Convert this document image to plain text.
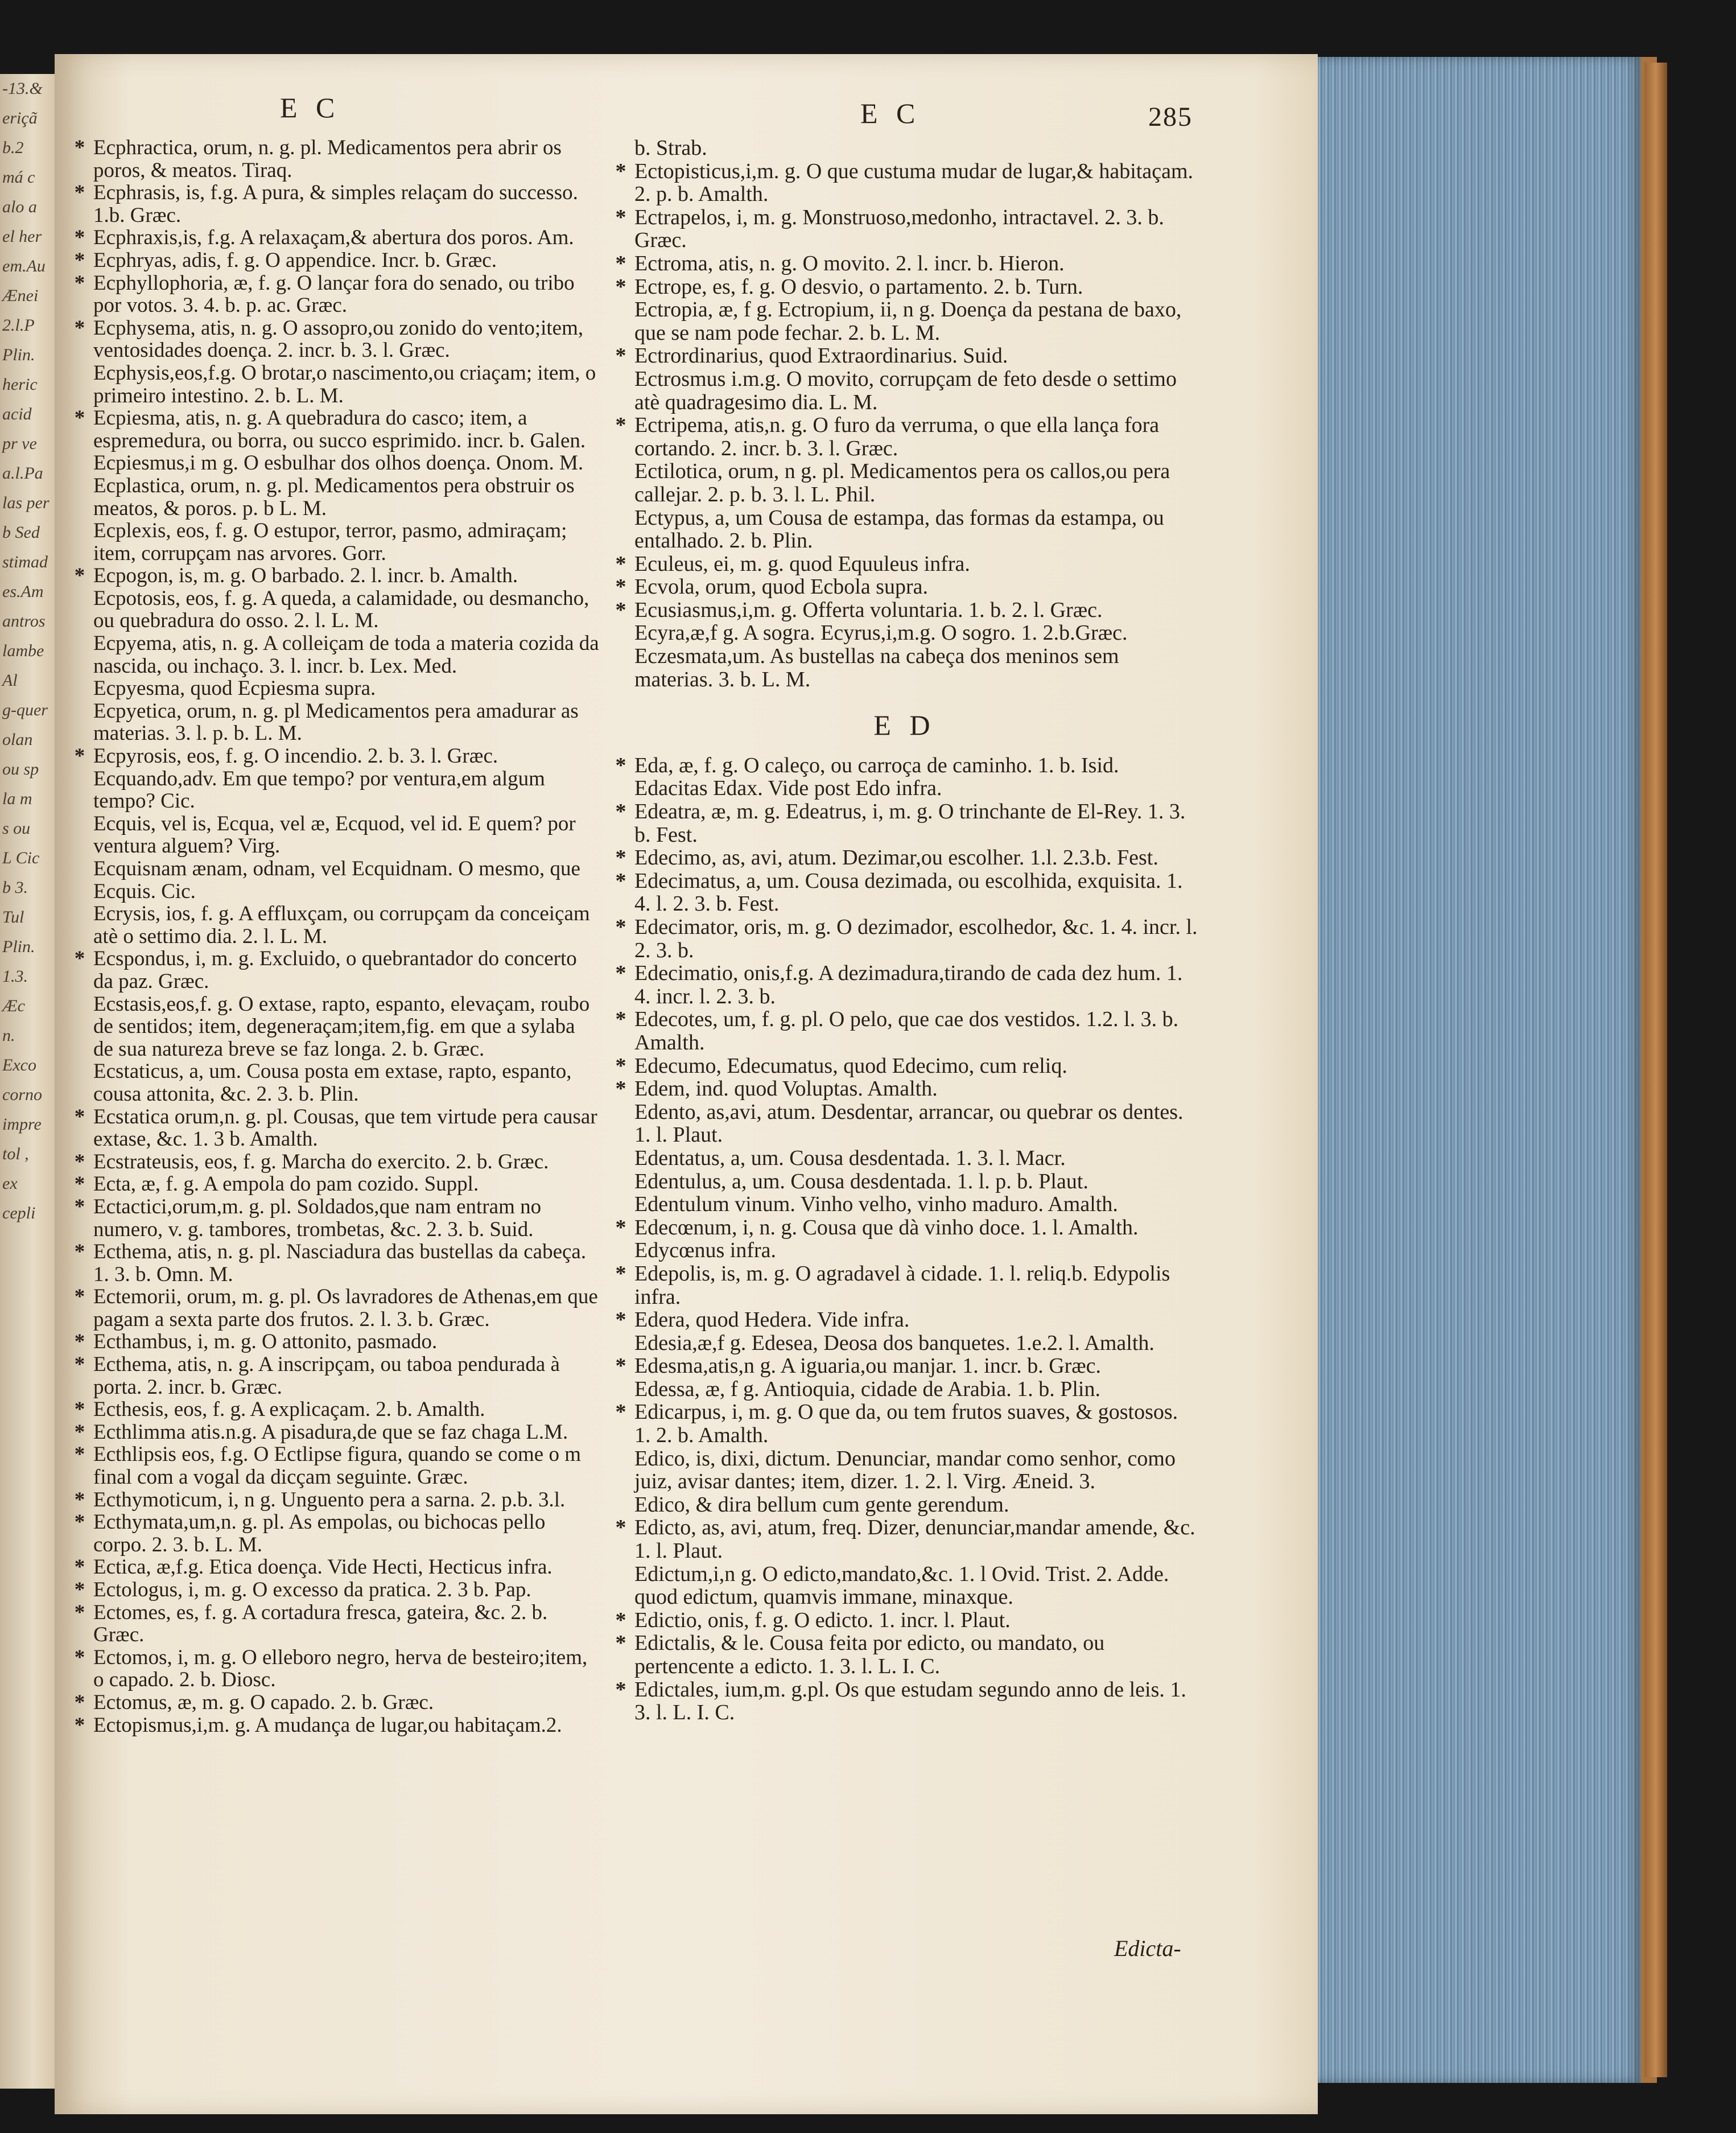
-13.&
eriçã
b.2
má c
alo a
el her
em.Au
Ænei
2.l.P
Plin.
heric
acid
pr ve
a.l.Pa
las per
b Sed
stimad
es.Am
antros
lambe
Al
g-quer
olan
ou sp
la m
s ou
L Cic
b 3.
Tul
Plin.
1.3.
Æc
n.
Exco
corno
impre
tol ,
ex
cepli
E C	E C	285
* Ecphractica, orum, n. g. pl. Medicamentos pera abrir os poros, & meatos. Tiraq.
* Ecphrasis, is, f.g. A pura, & simples relaçam do successo. 1.b. Græc.
* Ecphraxis,is, f.g. A relaxaçam,& abertura dos poros. Am.
* Ecphryas, adis, f. g. O appendice. Incr. b. Græc.
* Ecphyllophoria, æ, f. g. O lançar fora do senado, ou tribo por votos. 3. 4. b. p. ac. Græc.
* Ecphysema, atis, n. g. O assopro,ou zonido do vento;item, ventosidades doença. 2. incr. b. 3. l. Græc.
Ecphysis,eos,f.g. O brotar,o nascimento,ou criaçam; item, o primeiro intestino. 2. b. L. M.
* Ecpiesma, atis, n. g. A quebradura do casco; item, a espremedura, ou borra, ou succo esprimido. incr. b. Galen.
Ecpiesmus,i m g. O esbulhar dos olhos doença. Onom. M.
Ecplastica, orum, n. g. pl. Medicamentos pera obstruir os meatos, & poros. p. b L. M.
Ecplexis, eos, f. g. O estupor, terror, pasmo, admiraçam; item, corrupçam nas arvores. Gorr.
* Ecpogon, is, m. g. O barbado. 2. l. incr. b. Amalth.
Ecpotosis, eos, f. g. A queda, a calamidade, ou desmancho, ou quebradura do osso. 2. l. L. M.
Ecpyema, atis, n. g. A colleiçam de toda a materia cozida da nascida, ou inchaço. 3. l. incr. b. Lex. Med.
Ecpyesma, quod Ecpiesma supra.
Ecpyetica, orum, n. g. pl Medicamentos pera amadurar as materias. 3. l. p. b. L. M.
* Ecpyrosis, eos, f. g. O incendio. 2. b. 3. l. Græc.
Ecquando,adv. Em que tempo? por ventura,em algum tempo? Cic.
Ecquis, vel is, Ecqua, vel æ, Ecquod, vel id. E quem? por ventura alguem? Virg.
Ecquisnam ænam, odnam, vel Ecquidnam. O mesmo, que Ecquis. Cic.
Ecrysis, ios, f. g. A effluxçam, ou corrupçam da conceiçam atè o settimo dia. 2. l. L. M.
* Ecspondus, i, m. g. Excluido, o quebrantador do concerto da paz. Græc.
Ecstasis,eos,f. g. O extase, rapto, espanto, elevaçam, roubo de sentidos; item, degeneraçam;item,fig. em que a sylaba de sua natureza breve se faz longa. 2. b. Græc.
Ecstaticus, a, um. Cousa posta em extase, rapto, espanto, cousa attonita, &c. 2. 3. b. Plin.
* Ecstatica orum,n. g. pl. Cousas, que tem virtude pera causar extase, &c. 1. 3 b. Amalth.
* Ecstrateusis, eos, f. g. Marcha do exercito. 2. b. Græc.
* Ecta, æ, f. g. A empola do pam cozido. Suppl.
* Ectactici,orum,m. g. pl. Soldados,que nam entram no numero, v. g. tambores, trombetas, &c. 2. 3. b. Suid.
* Ecthema, atis, n. g. pl. Nasciadura das bustellas da cabeça. 1. 3. b. Omn. M.
* Ectemorii, orum, m. g. pl. Os lavradores de Athenas,em que pagam a sexta parte dos frutos. 2. l. 3. b. Græc.
* Ecthambus, i, m. g. O attonito, pasmado.
* Ecthema, atis, n. g. A inscripçam, ou taboa pendurada à porta. 2. incr. b. Græc.
* Ecthesis, eos, f. g. A explicaçam. 2. b. Amalth.
* Ecthlimma atis.n.g. A pisadura,de que se faz chaga L.M.
* Ecthlipsis eos, f.g. O Ectlipse figura, quando se come o m final com a vogal da dicçam seguinte. Græc.
* Ecthymoticum, i, n g. Unguento pera a sarna. 2. p.b. 3.l.
* Ecthymata,um,n. g. pl. As empolas, ou bichocas pello corpo. 2. 3. b. L. M.
* Ectica, æ,f.g. Etica doença. Vide Hecti, Hecticus infra.
* Ectologus, i, m. g. O excesso da pratica. 2. 3 b. Pap.
* Ectomes, es, f. g. A cortadura fresca, gateira, &c. 2. b. Græc.
* Ectomos, i, m. g. O elleboro negro, herva de besteiro;item, o capado. 2. b. Diosc.
* Ectomus, æ, m. g. O capado. 2. b. Græc.
* Ectopismus,i,m. g. A mudança de lugar,ou habitaçam.2.
b. Strab.
* Ectopisticus,i,m. g. O que custuma mudar de lugar,& habitaçam. 2. p. b. Amalth.
* Ectrapelos, i, m. g. Monstruoso,medonho, intractavel. 2. 3. b. Græc.
* Ectroma, atis, n. g. O movito. 2. l. incr. b. Hieron.
* Ectrope, es, f. g. O desvio, o partamento. 2. b. Turn.
Ectropia, æ, f g. Ectropium, ii, n g. Doença da pestana de baxo, que se nam pode fechar. 2. b. L. M.
* Ectrordinarius, quod Extraordinarius. Suid.
Ectrosmus i.m.g. O movito, corrupçam de feto desde o settimo atè quadragesimo dia. L. M.
* Ectripema, atis,n. g. O furo da verruma, o que ella lança fora cortando. 2. incr. b. 3. l. Græc.
Ectilotica, orum, n g. pl. Medicamentos pera os callos,ou pera callejar. 2. p. b. 3. l. L. Phil.
Ectypus, a, um Cousa de estampa, das formas da estampa, ou entalhado. 2. b. Plin.
* Eculeus, ei, m. g. quod Equuleus infra.
* Ecvola, orum, quod Ecbola supra.
* Ecusiasmus,i,m. g. Offerta voluntaria. 1. b. 2. l. Græc.
Ecyra,æ,f g. A sogra. Ecyrus,i,m.g. O sogro. 1. 2.b.Græc.
Eczesmata,um. As bustellas na cabeça dos meninos sem materias. 3. b. L. M.
E D
* Eda, æ, f. g. O caleço, ou carroça de caminho. 1. b. Isid.
Edacitas Edax. Vide post Edo infra.
* Edeatra, æ, m. g. Edeatrus, i, m. g. O trinchante de El-Rey. 1. 3. b. Fest.
* Edecimo, as, avi, atum. Dezimar,ou escolher. 1.l. 2.3.b. Fest.
* Edecimatus, a, um. Cousa dezimada, ou escolhida, exquisita. 1. 4. l. 2. 3. b. Fest.
* Edecimator, oris, m. g. O dezimador, escolhedor, &c. 1. 4. incr. l. 2. 3. b.
* Edecimatio, onis,f.g. A dezimadura,tirando de cada dez hum. 1. 4. incr. l. 2. 3. b.
* Edecotes, um, f. g. pl. O pelo, que cae dos vestidos. 1.2. l. 3. b. Amalth.
* Edecumo, Edecumatus, quod Edecimo, cum reliq.
* Edem, ind. quod Voluptas. Amalth.
Edento, as,avi, atum. Desdentar, arrancar, ou quebrar os dentes. 1. l. Plaut.
Edentatus, a, um. Cousa desdentada. 1. 3. l. Macr.
Edentulus, a, um. Cousa desdentada. 1. l. p. b. Plaut.
Edentulum vinum. Vinho velho, vinho maduro. Amalth.
* Edecœnum, i, n. g. Cousa que dà vinho doce. 1. l. Amalth. Edycœnus infra.
* Edepolis, is, m. g. O agradavel à cidade. 1. l. reliq.b. Edypolis infra.
* Edera, quod Hedera. Vide infra.
Edesia,æ,f g. Edesea, Deosa dos banquetes. 1.e.2. l. Amalth.
* Edesma,atis,n g. A iguaria,ou manjar. 1. incr. b. Græc.
Edessa, æ, f g. Antioquia, cidade de Arabia. 1. b. Plin.
* Edicarpus, i, m. g. O que da, ou tem frutos suaves, & gostosos. 1. 2. b. Amalth.
Edico, is, dixi, dictum. Denunciar, mandar como senhor, como juiz, avisar dantes; item, dizer. 1. 2. l. Virg. Æneid. 3.
Edico, & dira bellum cum gente gerendum.
* Edicto, as, avi, atum, freq. Dizer, denunciar,mandar amende, &c. 1. l. Plaut.
Edictum,i,n g. O edicto,mandato,&c. 1. l Ovid. Trist. 2. Adde. quod edictum, quamvis immane, minaxque.
* Edictio, onis, f. g. O edicto. 1. incr. l. Plaut.
* Edictalis, & le. Cousa feita por edicto, ou mandato, ou pertencente a edicto. 1. 3. l. L. I. C.
* Edictales, ium,m. g.pl. Os que estudam segundo anno de leis. 1. 3. l. L. I. C.
Edicta-
